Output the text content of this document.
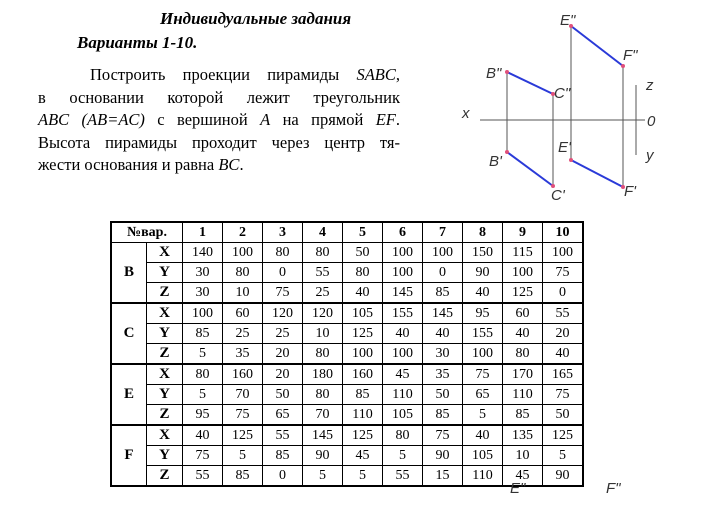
Индивидуальные задания
Варианты 1-10.
Построить проекции пирамиды SABC,
в основании которой лежит треугольник
ABC (AB=AC) с вершиной A на прямой EF.
Высота пирамиды проходит через центр тя-
жести основания и равна BC.
E"
F"
B"
C"
E'
F'
B'
C'
x
z
0
y
№вар.		1	2	3	4	5	6	7	8	9	10
B	X	140	100	80	80	50	100	100	150	115	100
	Y	30	80	0	55	80	100	0	90	100	75
	Z	30	10	75	25	40	145	85	40	125	0
C	X	100	60	120	120	105	155	145	95	60	55
	Y	85	25	25	10	125	40	40	155	40	20
	Z	5	35	20	80	100	100	30	100	80	40
E	X	80	160	20	180	160	45	35	75	170	165
	Y	5	70	50	80	85	110	50	65	110	75
	Z	95	75	65	70	110	105	85	5	85	50
F	X	40	125	55	145	125	80	75	40	135	125
	Y	75	5	85	90	45	5	90	105	10	5
	Z	55	85	0	5	5	55	15	110	45	90
E"	F"
